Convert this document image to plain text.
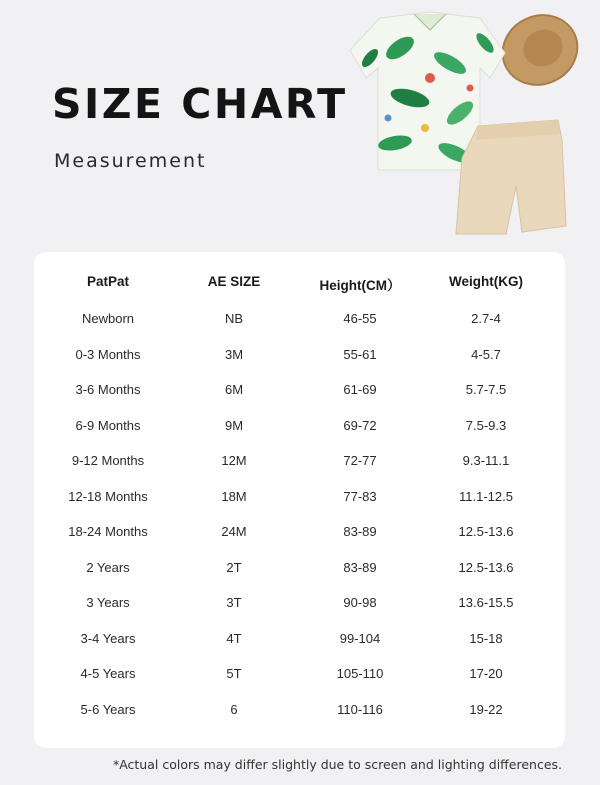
SIZE CHART
Measurement
PatPat	AE SIZE	Height(CM）	Weight(KG)
Newborn	NB	46-55	2.7-4
0-3 Months	3M	55-61	4-5.7
3-6 Months	6M	61-69	5.7-7.5
6-9 Months	9M	69-72	7.5-9.3
9-12 Months	12M	72-77	9.3-11.1
12-18 Months	18M	77-83	11.1-12.5
18-24 Months	24M	83-89	12.5-13.6
2 Years	2T	83-89	12.5-13.6
3 Years	3T	90-98	13.6-15.5
3-4 Years	4T	99-104	15-18
4-5 Years	5T	105-110	17-20
5-6 Years	6	110-116	19-22
*Actual colors may differ slightly due to screen and lighting differences.
